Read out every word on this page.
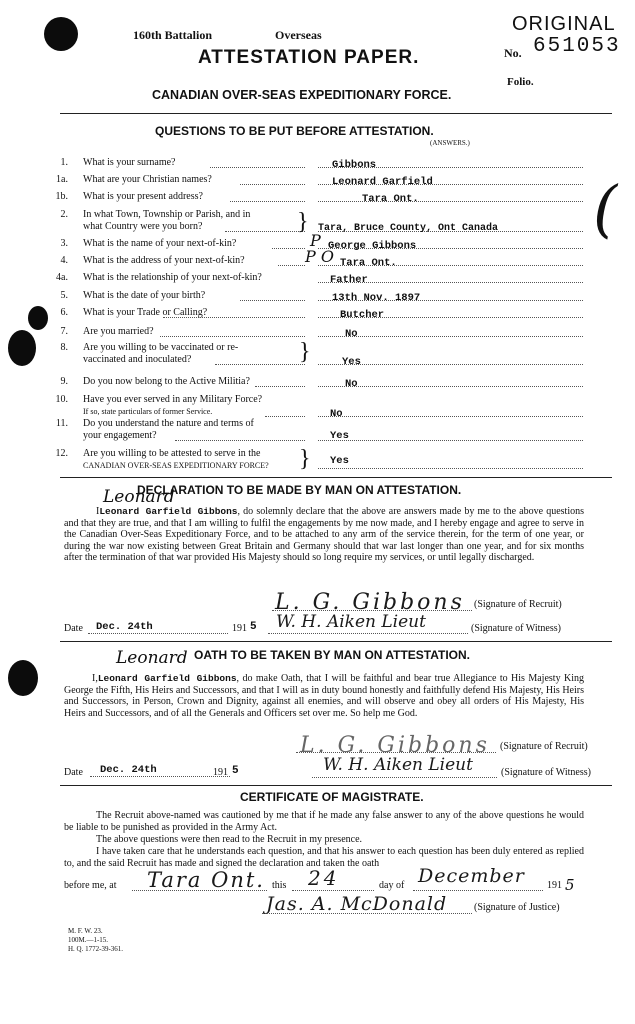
160th Battalion	Overseas	ORIGINAL
No. 651053
Folio.
ATTESTATION PAPER.
CANADIAN OVER-SEAS EXPEDITIONARY FORCE.
QUESTIONS TO BE PUT BEFORE ATTESTATION.
(ANSWERS.)
1. What is your surname?	Gibbons
1a. What are your Christian names?	Leonard Garfield
1b. What is your present address?	Tara Ont.
2. In what Town, Township or Parish, and in
what Country were you born?	Tara, Bruce County, Ont Canada
3. What is the name of your next-of-kin?	P George Gibbons
4. What is the address of your next-of-kin?	P O Tara Ont.
4a. What is the relationship of your next-of-kin?	Father
5. What is the date of your birth?	13th Nov. 1897
6. What is your Trade or Calling?	Butcher
7. Are you married?	No
8. Are you willing to be vaccinated or re-
vaccinated and inoculated?	Yes
9. Do you now belong to the Active Militia?	No
10. Have you ever served in any Military Force?
If so, state particulars of former Service.	No
11. Do you understand the nature and terms of
your engagement?	Yes
12. Are you willing to be attested to serve in the
CANADIAN OVER-SEAS EXPEDITIONARY FORCE?	Yes
}
}
}
(
DECLARATION TO BE MADE BY MAN ON ATTESTATION.
Leonard
ILeonard Garfield Gibbons, do solemnly declare that the above are answers made by me to the above questions and that they are true, and that I am willing to fulfil the engagements by me now made, and I hereby engage and agree to serve in the Canadian Over-Seas Expeditionary Force, and to be attached to any arm of the service therein, for the term of one year, or during the war now existing between Great Britain and Germany should that war last longer than one year, and for six months after the termination of that war provided His Majesty should so long require my services, or until legally discharged.
L. G. Gibbons (Signature of Recruit)
Date Dec. 24th	191 5 W. H. Aiken Lieut	(Signature of Witness)
OATH TO BE TAKEN BY MAN ON ATTESTATION.
Leonard
I,Leonard Garfield Gibbons, do make Oath, that I will be faithful and bear true Allegiance to His Majesty King George the Fifth, His Heirs and Successors, and that I will as in duty bound honestly and faithfully defend His Majesty, His Heirs and Successors, in Person, Crown and Dignity, against all enemies, and will observe and obey all orders of His Majesty, His Heirs and Successors, and of all the Generals and Officers set over me. So help me God.
L. G. Gibbons (Signature of Recruit)
Date Dec. 24th	191 5	W. H. Aiken Lieut	(Signature of Witness)
CERTIFICATE OF MAGISTRATE.
The Recruit above-named was cautioned by me that if he made any false answer to any of the above questions he would be liable to be punished as provided in the Army Act.
The above questions were then read to the Recruit in my presence.
I have taken care that he understands each question, and that his answer to each question has been duly entered as replied to, and the said Recruit has made and signed the declaration and taken the oath
before me, at Tara Ont. this 24	day of December 191 5
Jas. A. McDonald	(Signature of Justice)
M. F. W. 23.
100M.—1-15.
H. Q. 1772-39-361.
